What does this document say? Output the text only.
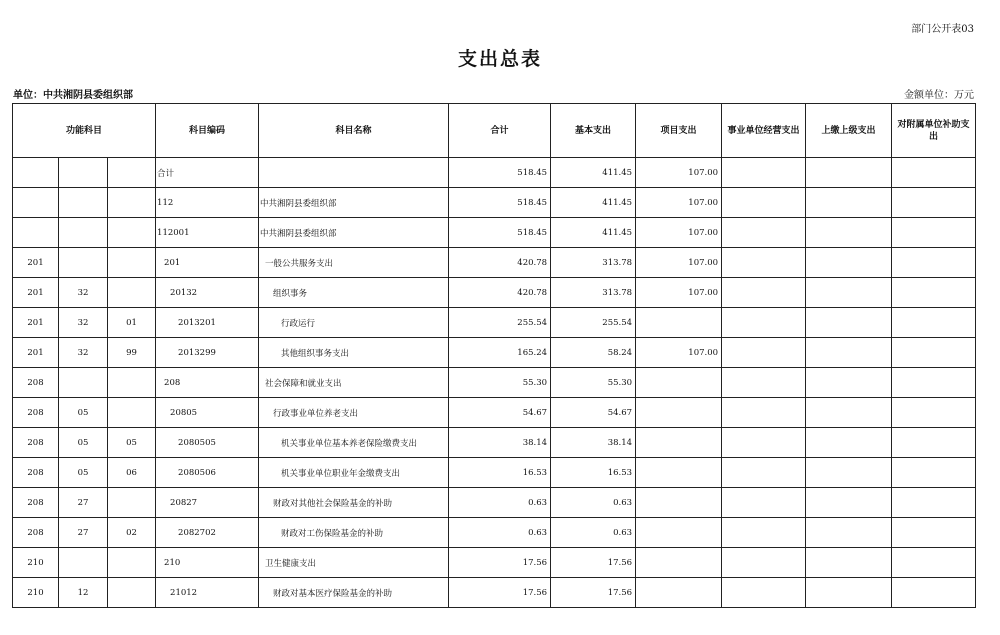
部门公开表03
支出总表
单位：中共湘阴县委组织部	金额单位：万元
功能科目			科目编码	科目名称	合计	基本支出	项目支出	事业单位经营支出	上缴上级支出	对附属单位补助支出
			合计		518.45	411.45	107.00			
			112	中共湘阴县委组织部	518.45	411.45	107.00			
			112001	中共湘阴县委组织部	518.45	411.45	107.00			
201			201	一般公共服务支出	420.78	313.78	107.00			
201	32		20132	组织事务	420.78	313.78	107.00			
201	32	01	2013201	行政运行	255.54	255.54				
201	32	99	2013299	其他组织事务支出	165.24	58.24	107.00			
208			208	社会保障和就业支出	55.30	55.30				
208	05		20805	行政事业单位养老支出	54.67	54.67				
208	05	05	2080505	机关事业单位基本养老保险缴费支出	38.14	38.14				
208	05	06	2080506	机关事业单位职业年金缴费支出	16.53	16.53				
208	27		20827	财政对其他社会保险基金的补助	0.63	0.63				
208	27	02	2082702	财政对工伤保险基金的补助	0.63	0.63				
210			210	卫生健康支出	17.56	17.56				
210	12		21012	财政对基本医疗保险基金的补助	17.56	17.56				
